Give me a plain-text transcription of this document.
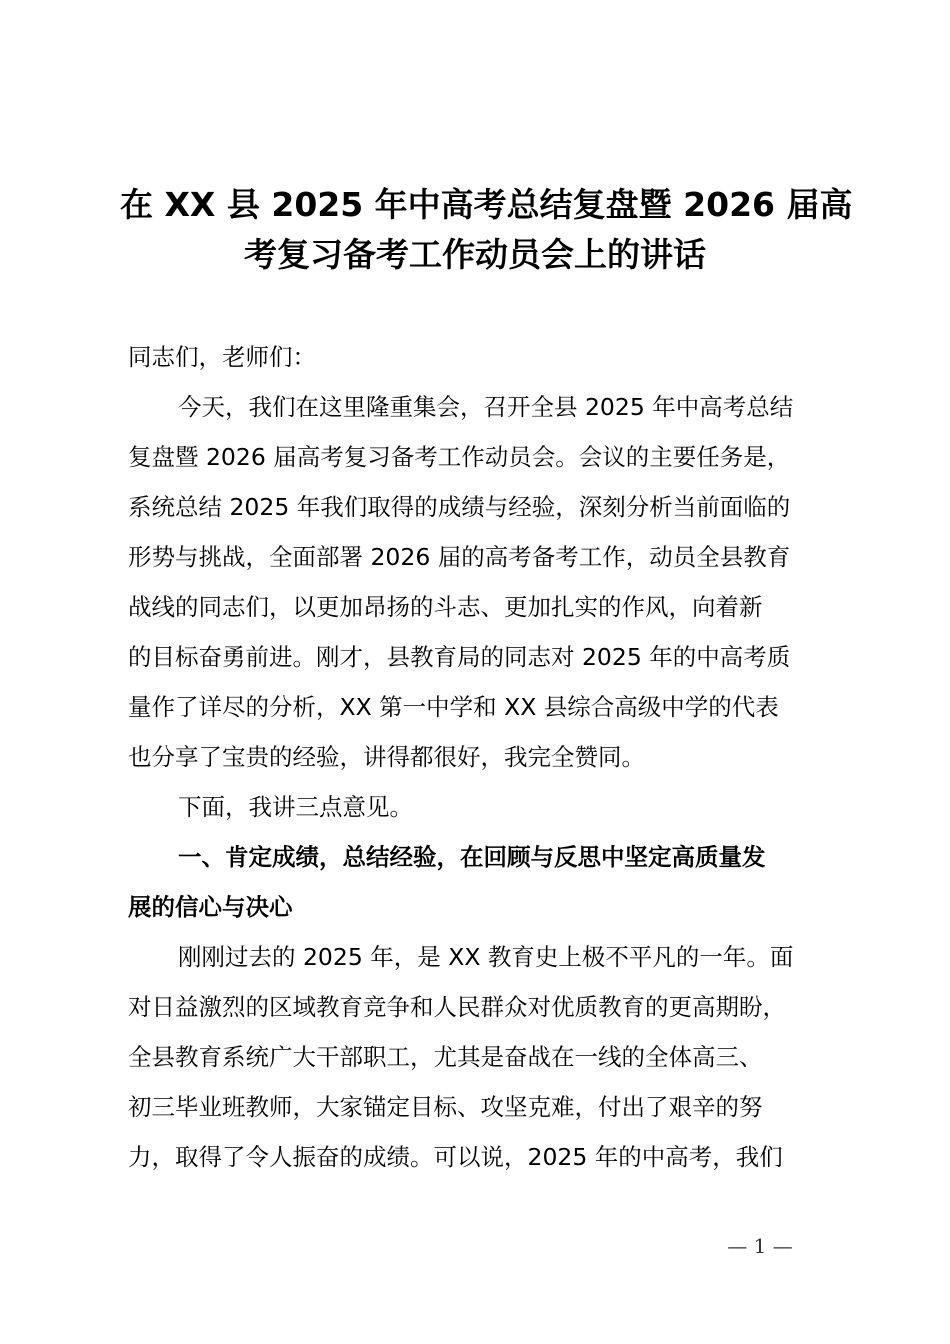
在 XX 县 2025 年中高考总结复盘暨 2026 届高
考复习备考工作动员会上的讲话
同志们，老师们：
今天，我们在这里隆重集会，召开全县 2025 年中高考总结
复盘暨 2026 届高考复习备考工作动员会。会议的主要任务是，
系统总结 2025 年我们取得的成绩与经验，深刻分析当前面临的
形势与挑战，全面部署 2026 届的高考备考工作，动员全县教育
战线的同志们，以更加昂扬的斗志、更加扎实的作风，向着新
的目标奋勇前进。刚才，县教育局的同志对 2025 年的中高考质
量作了详尽的分析，XX 第一中学和 XX 县综合高级中学的代表
也分享了宝贵的经验，讲得都很好，我完全赞同。
下面，我讲三点意见。
一、肯定成绩，总结经验，在回顾与反思中坚定高质量发
展的信心与决心
刚刚过去的 2025 年，是 XX 教育史上极不平凡的一年。面
对日益激烈的区域教育竞争和人民群众对优质教育的更高期盼，
全县教育系统广大干部职工，尤其是奋战在一线的全体高三、
初三毕业班教师，大家锚定目标、攻坚克难，付出了艰辛的努
力，取得了令人振奋的成绩。可以说，2025 年的中高考，我们
— 1 —
